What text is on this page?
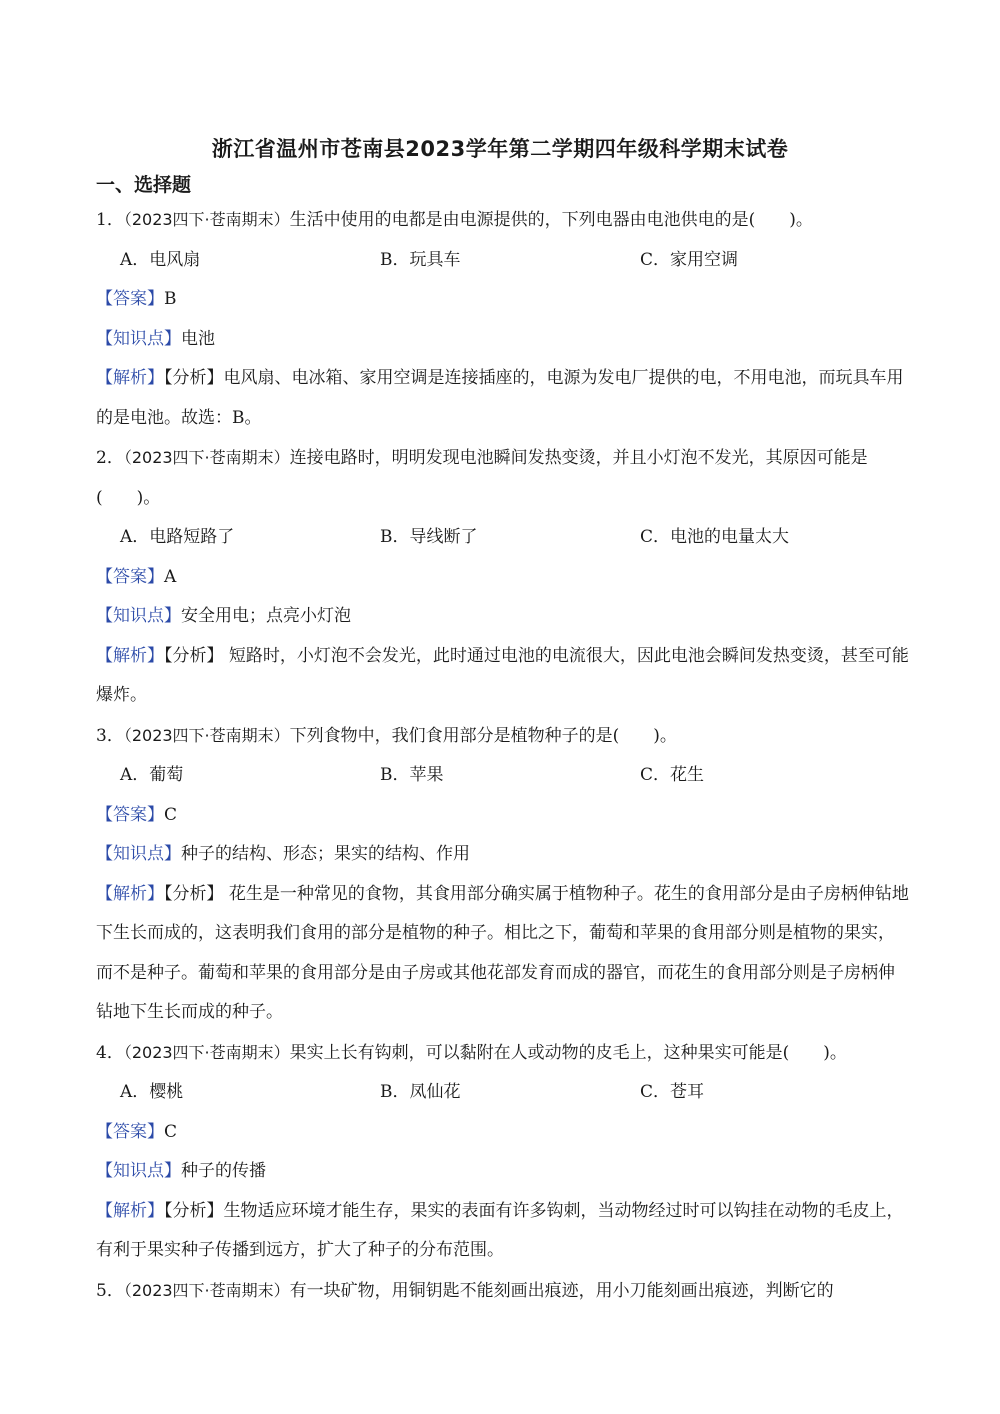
浙江省温州市苍南县2023学年第二学期四年级科学期末试卷
一、选择题

1．（2023四下·苍南期末）生活中使用的电都是由电源提供的，下列电器由电池供电的是(　　)。

A．电风扇	B．玩具车	C．家用空调

【答案】B

【知识点】电池

【解析】【分析】电风扇、电冰箱、家用空调是连接插座的，电源为发电厂提供的电，不用电池，而玩具车用的是电池。故选：B。

2．（2023四下·苍南期末）连接电路时，明明发现电池瞬间发热变烫，并且小灯泡不发光，其原因可能是(　　)。

A．电路短路了	B．导线断了	C．电池的电量太大

【答案】A

【知识点】安全用电；点亮小灯泡

【解析】【分析】 短路时，小灯泡不会发光，此时通过电池的电流很大，因此电池会瞬间发热变烫，甚至可能爆炸。

3．（2023四下·苍南期末）下列食物中，我们食用部分是植物种子的是(　　)。

A．葡萄	B．苹果	C．花生

【答案】C

【知识点】种子的结构、形态；果实的结构、作用

【解析】【分析】 花生是一种常见的食物，其食用部分确实属于植物种子。花生的食用部分是由子房柄伸钻地下生长而成的，这表明我们食用的部分是植物的种子。相比之下，葡萄和苹果的食用部分则是植物的果实，而不是种子。葡萄和苹果的食用部分是由子房或其他花部发育而成的器官，而花生的食用部分则是子房柄伸钻地下生长而成的种子。

4．（2023四下·苍南期末）果实上长有钩刺，可以黏附在人或动物的皮毛上，这种果实可能是(　　)。

A．樱桃	B．凤仙花	C．苍耳

【答案】C

【知识点】种子的传播

【解析】【分析】生物适应环境才能生存，果实的表面有许多钩刺，当动物经过时可以钩挂在动物的毛皮上，有利于果实种子传播到远方，扩大了种子的分布范围。

5．（2023四下·苍南期末）有一块矿物，用铜钥匙不能刻画出痕迹，用小刀能刻画出痕迹，判断它的
